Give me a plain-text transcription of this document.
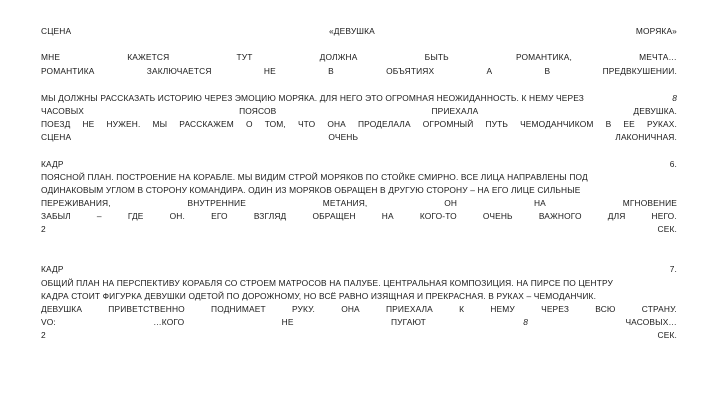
СЦЕНА	«ДЕВУШКА	МОРЯКА»
МНЕ	КАЖЕТСЯ	ТУТ	ДОЛЖНА	БЫТЬ	РОМАНТИКА,	МЕЧТА…
РОМАНТИКА	ЗАКЛЮЧАЕТСЯ	НЕ	В	ОБЪЯТИЯХ	А	В	ПРЕДВКУШЕНИИ.
МЫ ДОЛЖНЫ РАССКАЗАТЬ ИСТОРИЮ ЧЕРЕЗ ЭМОЦИЮ МОРЯКА. ДЛЯ НЕГО ЭТО ОГРОМНАЯ НЕОЖИДАННОСТЬ. К НЕМУ ЧЕРЕЗ	8
ЧАСОВЫХ	ПОЯСОВ	ПРИЕХАЛА	ДЕВУШКА.
ПОЕЗД НЕ НУЖЕН. МЫ РАССКАЖЕМ О ТОМ, ЧТО ОНА ПРОДЕЛАЛА ОГРОМНЫЙ ПУТЬ ЧЕМОДАНЧИКОМ В ЕЕ РУКАХ.
СЦЕНА	ОЧЕНЬ	ЛАКОНИЧНАЯ.
КАДР	6.
ПОЯСНОЙ ПЛАН. ПОСТРОЕНИЕ НА КОРАБЛЕ. МЫ ВИДИМ СТРОЙ МОРЯКОВ ПО СТОЙКЕ СМИРНО. ВСЕ ЛИЦА НАПРАВЛЕНЫ ПОД
ОДИНАКОВЫМ УГЛОМ В СТОРОНУ КОМАНДИРА. ОДИН ИЗ МОРЯКОВ ОБРАЩЕН В ДРУГУЮ СТОРОНУ – НА ЕГО ЛИЦЕ СИЛЬНЫЕ
ПЕРЕЖИВАНИЯ,	ВНУТРЕННИЕ	МЕТАНИЯ,	ОН	НА	МГНОВЕНИЕ
ЗАБЫЛ	–	ГДЕ	ОН.	ЕГО	ВЗГЛЯД	ОБРАЩЕН	НА	КОГО-ТО	ОЧЕНЬ	ВАЖНОГО	ДЛЯ	НЕГО.
2	СЕК.
КАДР	7.
ОБЩИЙ ПЛАН НА ПЕРСПЕКТИВУ КОРАБЛЯ СО СТРОЕМ МАТРОСОВ НА ПАЛУБЕ. ЦЕНТРАЛЬНАЯ КОМПОЗИЦИЯ. НА ПИРСЕ ПО ЦЕНТРУ
КАДРА СТОИТ ФИГУРКА ДЕВУШКИ ОДЕТОЙ ПО ДОРОЖНОМУ, НО ВСЁ РАВНО ИЗЯЩНАЯ И ПРЕКРАСНАЯ. В РУКАХ – ЧЕМОДАНЧИК.
ДЕВУШКА	ПРИВЕТСТВЕННО	ПОДНИМАЕТ	РУКУ.	ОНА	ПРИЕХАЛА	К	НЕМУ	ЧЕРЕЗ	ВСЮ	СТРАНУ.
VO:	…КОГО	НЕ	ПУГАЮТ	8	ЧАСОВЫХ…
2	СЕК.
